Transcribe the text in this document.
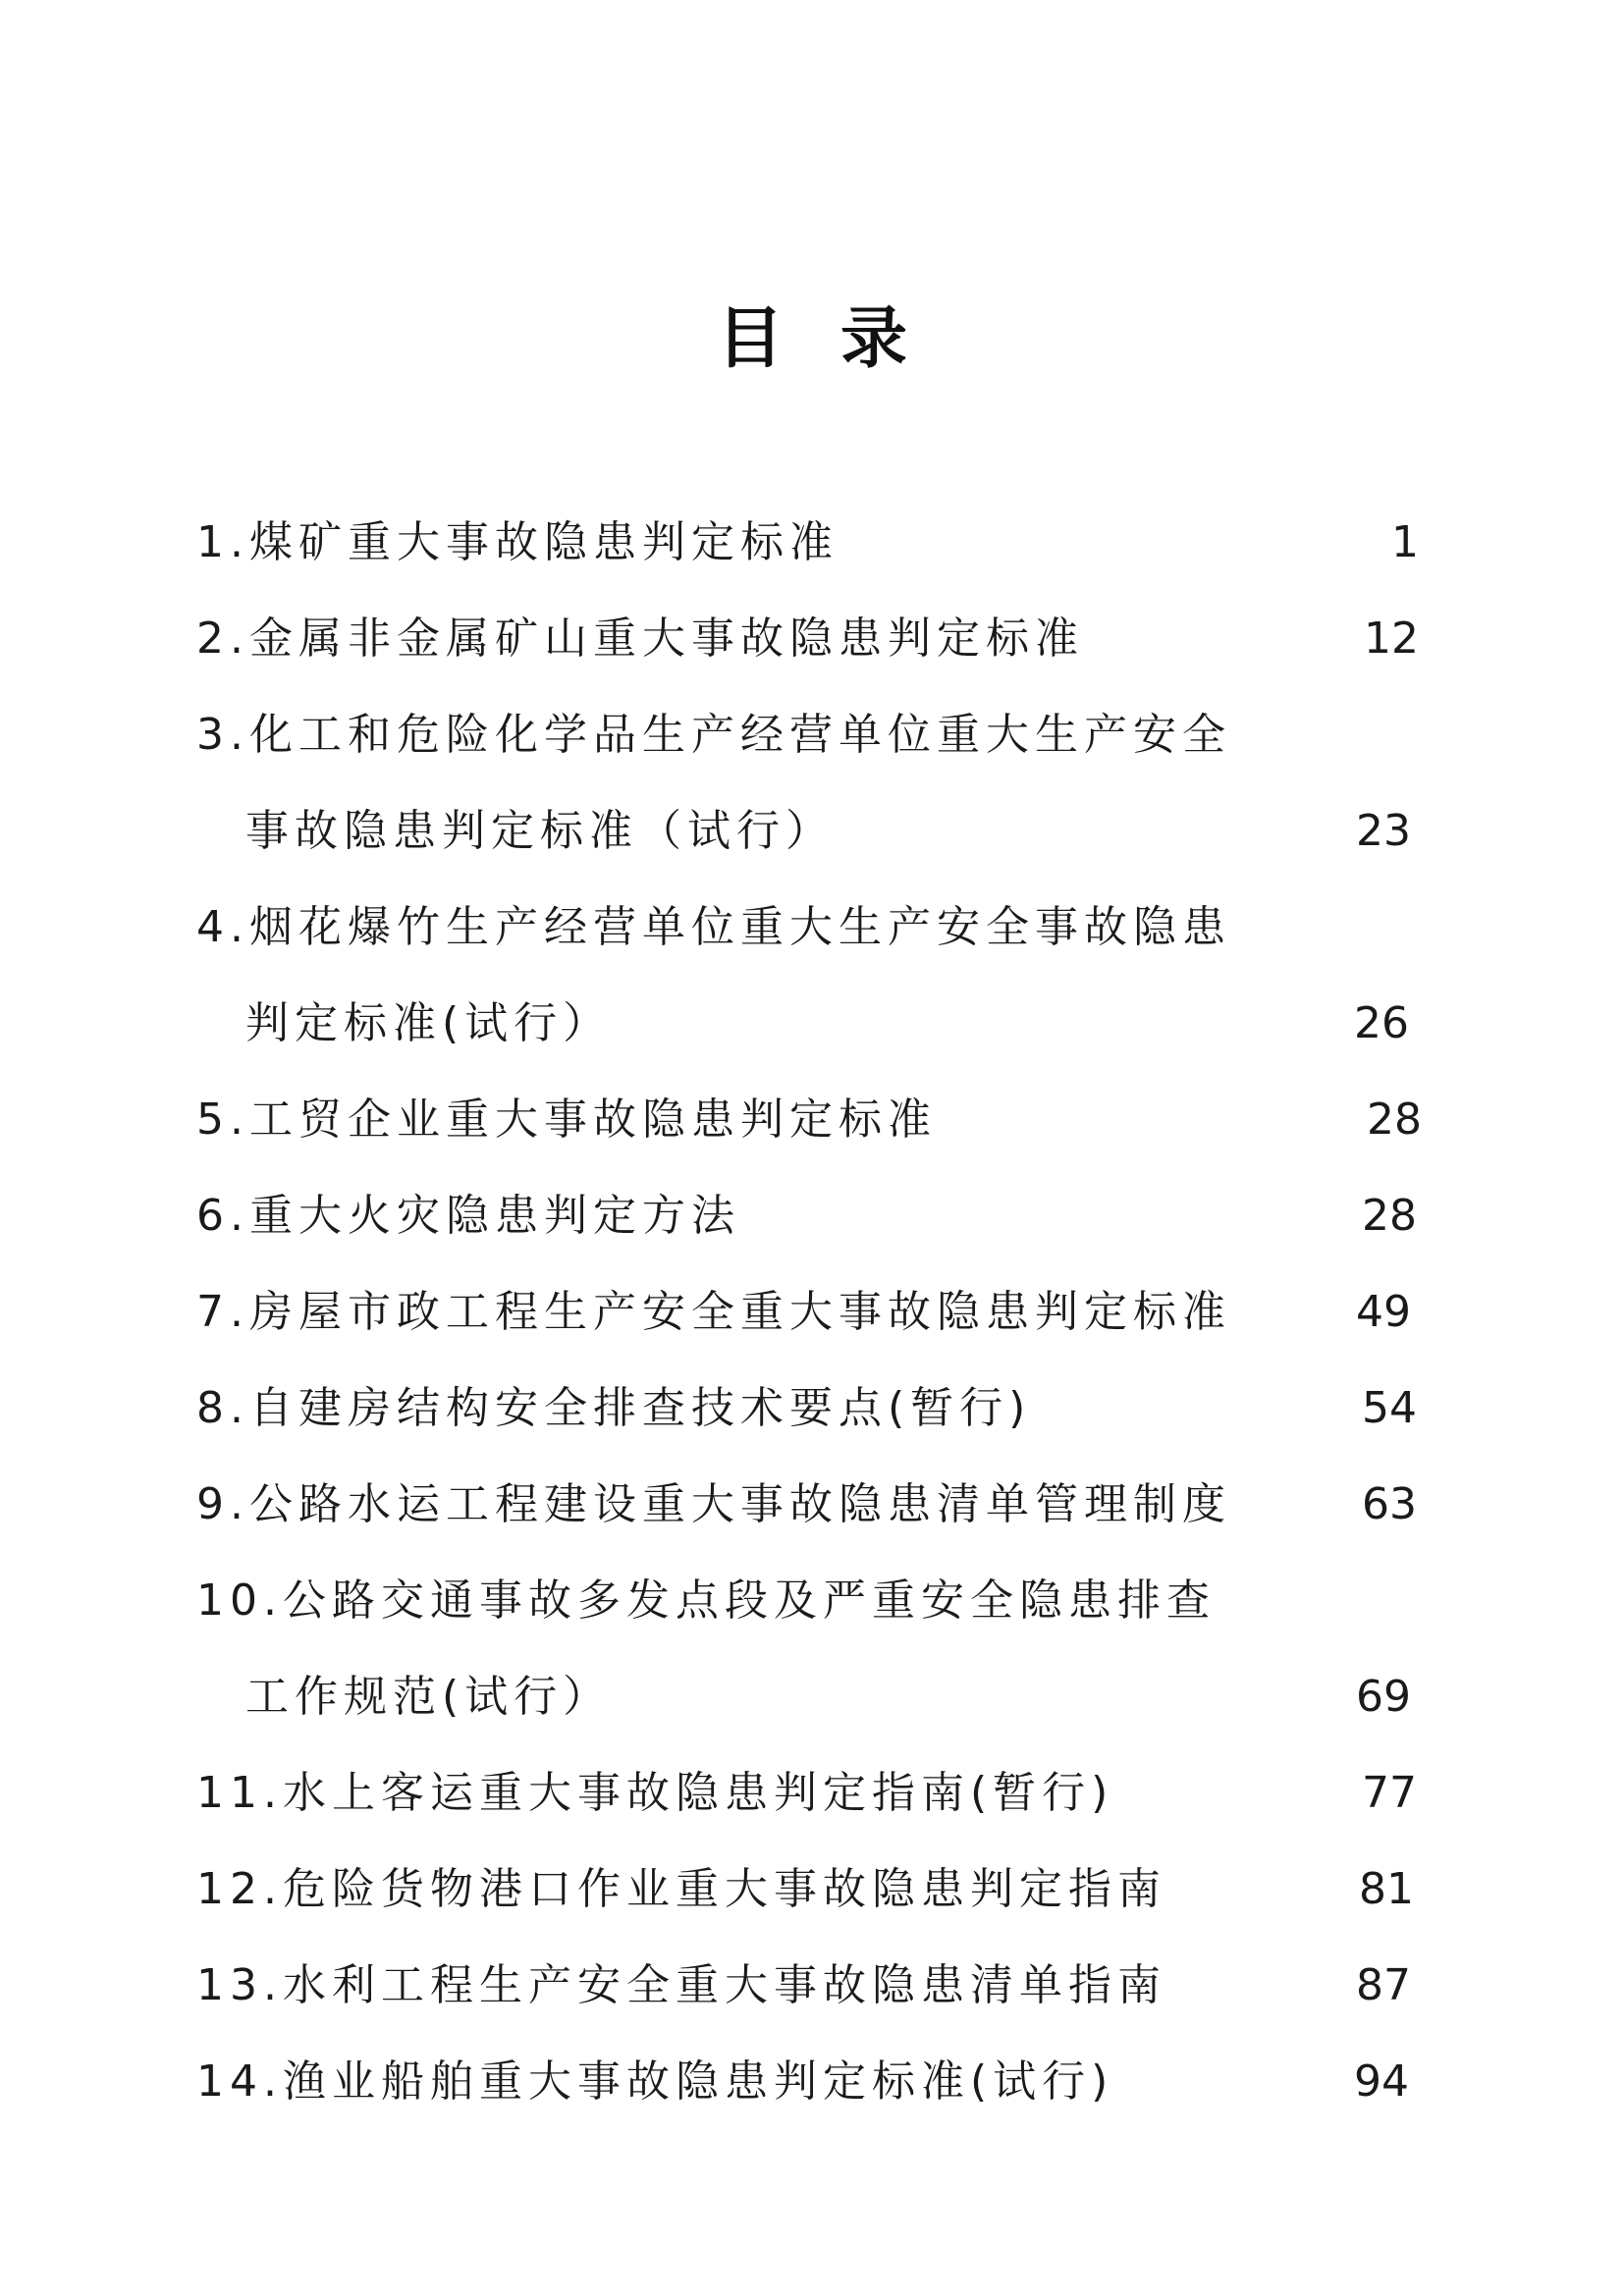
目录
1.煤矿重大事故隐患判定标准	1
2.金属非金属矿山重大事故隐患判定标准	12
3.化工和危险化学品生产经营单位重大生产安全
事故隐患判定标准（试行）	23
4.烟花爆竹生产经营单位重大生产安全事故隐患
判定标准(试行）	26
5.工贸企业重大事故隐患判定标准	28
6.重大火灾隐患判定方法	28
7.房屋市政工程生产安全重大事故隐患判定标准	49
8.自建房结构安全排查技术要点(暂行)	54
9.公路水运工程建设重大事故隐患清单管理制度	63
10.公路交通事故多发点段及严重安全隐患排查
工作规范(试行）	69
11.水上客运重大事故隐患判定指南(暂行)	77
12.危险货物港口作业重大事故隐患判定指南	81
13.水利工程生产安全重大事故隐患清单指南	87
14.渔业船舶重大事故隐患判定标准(试行)	94
